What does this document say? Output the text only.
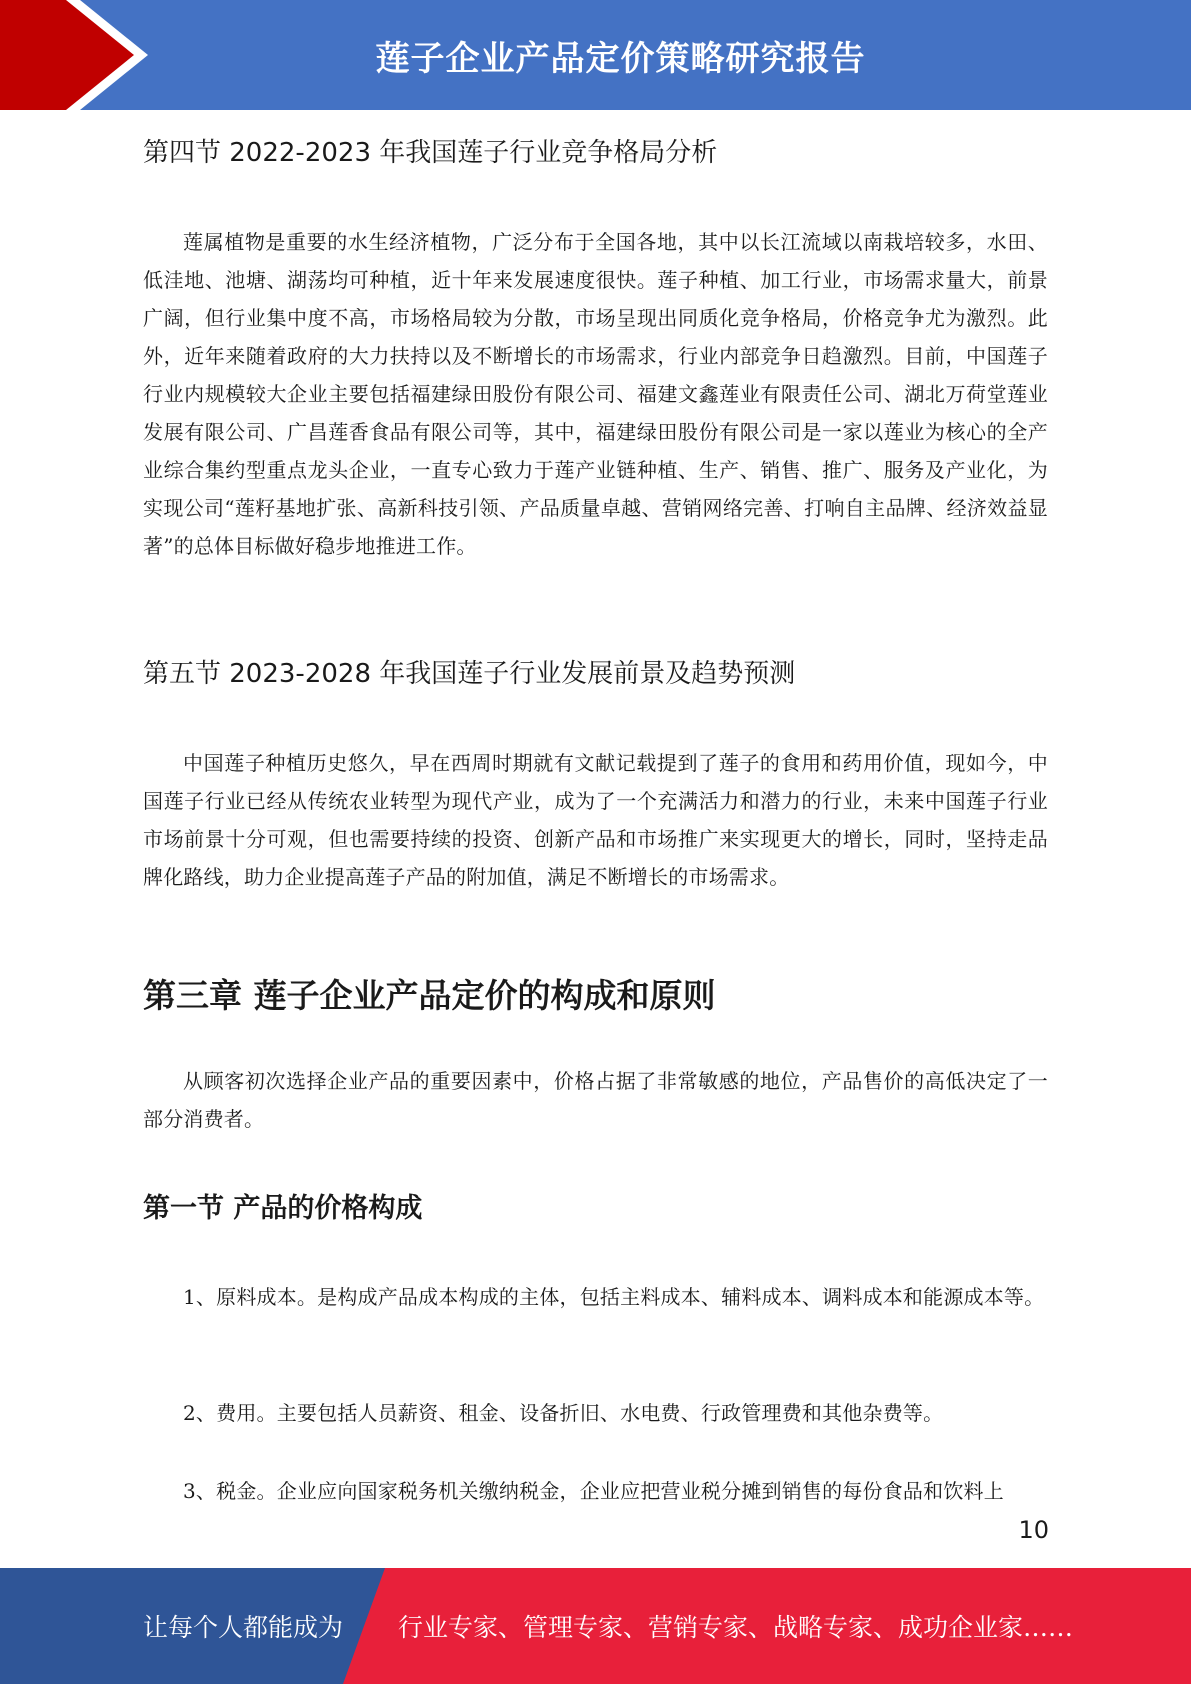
莲子企业产品定价策略研究报告
第四节 2022-2023 年我国莲子行业竞争格局分析

莲属植物是重要的水生经济植物，广泛分布于全国各地，其中以长江流域以南栽培较多，水田、低洼地、池塘、湖荡均可种植，近十年来发展速度很快。莲子种植、加工行业，市场需求量大，前景广阔，但行业集中度不高，市场格局较为分散，市场呈现出同质化竞争格局，价格竞争尤为激烈。此外，近年来随着政府的大力扶持以及不断增长的市场需求，行业内部竞争日趋激烈。目前，中国莲子行业内规模较大企业主要包括福建绿田股份有限公司、福建文鑫莲业有限责任公司、湖北万荷堂莲业发展有限公司、广昌莲香食品有限公司等，其中，福建绿田股份有限公司是一家以莲业为核心的全产业综合集约型重点龙头企业，一直专心致力于莲产业链种植、生产、销售、推广、服务及产业化，为实现公司“莲籽基地扩张、高新科技引领、产品质量卓越、营销网络完善、打响自主品牌、经济效益显著”的总体目标做好稳步地推进工作。

第五节 2023-2028 年我国莲子行业发展前景及趋势预测

中国莲子种植历史悠久，早在西周时期就有文献记载提到了莲子的食用和药用价值，现如今，中国莲子行业已经从传统农业转型为现代产业，成为了一个充满活力和潜力的行业，未来中国莲子行业市场前景十分可观，但也需要持续的投资、创新产品和市场推广来实现更大的增长，同时，坚持走品牌化路线，助力企业提高莲子产品的附加值，满足不断增长的市场需求。

第三章 莲子企业产品定价的构成和原则

从顾客初次选择企业产品的重要因素中，价格占据了非常敏感的地位，产品售价的高低决定了一部分消费者。

第一节 产品的价格构成

1、原料成本。是构成产品成本构成的主体，包括主料成本、辅料成本、调料成本和能源成本等。

2、费用。主要包括人员薪资、租金、设备折旧、水电费、行政管理费和其他杂费等。

3、税金。企业应向国家税务机关缴纳税金，企业应把营业税分摊到销售的每份食品和饮料上

10
让每个人都能成为 行业专家、管理专家、营销专家、战略专家、成功企业家……
